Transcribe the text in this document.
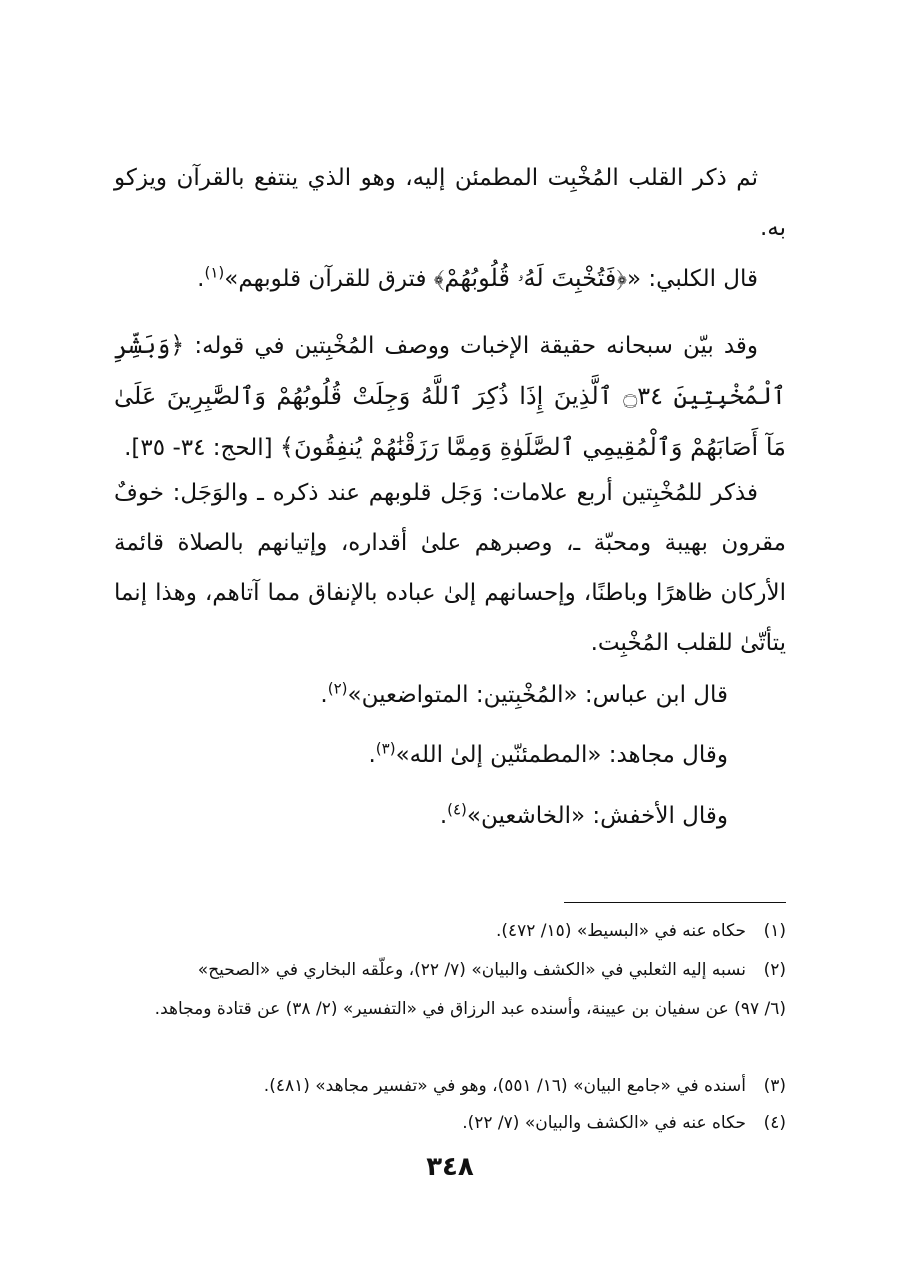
ثم ذكر القلب المُخْبِت المطمئن إليه، وهو الذي ينتفع بالقرآن ويزكو به.

قال الكلبي: «﴿فَتُخْبِتَ لَهُۥ قُلُوبُهُمْ﴾ فترق للقرآن قلوبهم»$^{(١)}$.

وقد بيّن سبحانه حقيقة الإخبات ووصف المُخْبِتين في قوله: ﴿وَبَشِّرِ ٱلْمُخْبِتِينَ ۝٣٤ ٱلَّذِينَ إِذَا ذُكِرَ ٱللَّهُ وَجِلَتْ قُلُوبُهُمْ وَٱلصَّٰبِرِينَ عَلَىٰ مَآ أَصَابَهُمْ وَٱلْمُقِيمِي ٱلصَّلَوٰةِ وَمِمَّا رَزَقْنَٰهُمْ يُنفِقُونَ﴾ [الحج: ٣٤- ٣٥].

فذكر للمُخْبِتين أربع علامات: وَجَل قلوبهم عند ذكره ـ والوَجَل: خوفٌ مقرون بهيبة ومحبّة ـ، وصبرهم علىٰ أقداره، وإتيانهم بالصلاة قائمة الأركان ظاهرًا وباطنًا، وإحسانهم إلىٰ عباده بالإنفاق مما آتاهم، وهذا إنما يتأتّىٰ للقلب المُخْبِت.

قال ابن عباس: «المُخْبِتين: المتواضعين»$^{(٢)}$.

وقال مجاهد: «المطمئنّين إلىٰ الله»$^{(٣)}$.

وقال الأخفش: «الخاشعين»$^{(٤)}$.

(١)حكاه عنه في «البسيط» (١٥/ ٤٧٢).

(٢)نسبه إليه الثعلبي في «الكشف والبيان» (٧/ ٢٢)، وعلّقه البخاري في «الصحيح»

(٦/ ٩٧) عن سفيان بن عيينة، وأسنده عبد الرزاق في «التفسير» (٢/ ٣٨) عن قتادة ومجاهد.

(٣)أسنده في «جامع البيان» (١٦/ ٥٥١)، وهو في «تفسير مجاهد» (٤٨١).

(٤)حكاه عنه في «الكشف والبيان» (٧/ ٢٢).

٣٤٨
